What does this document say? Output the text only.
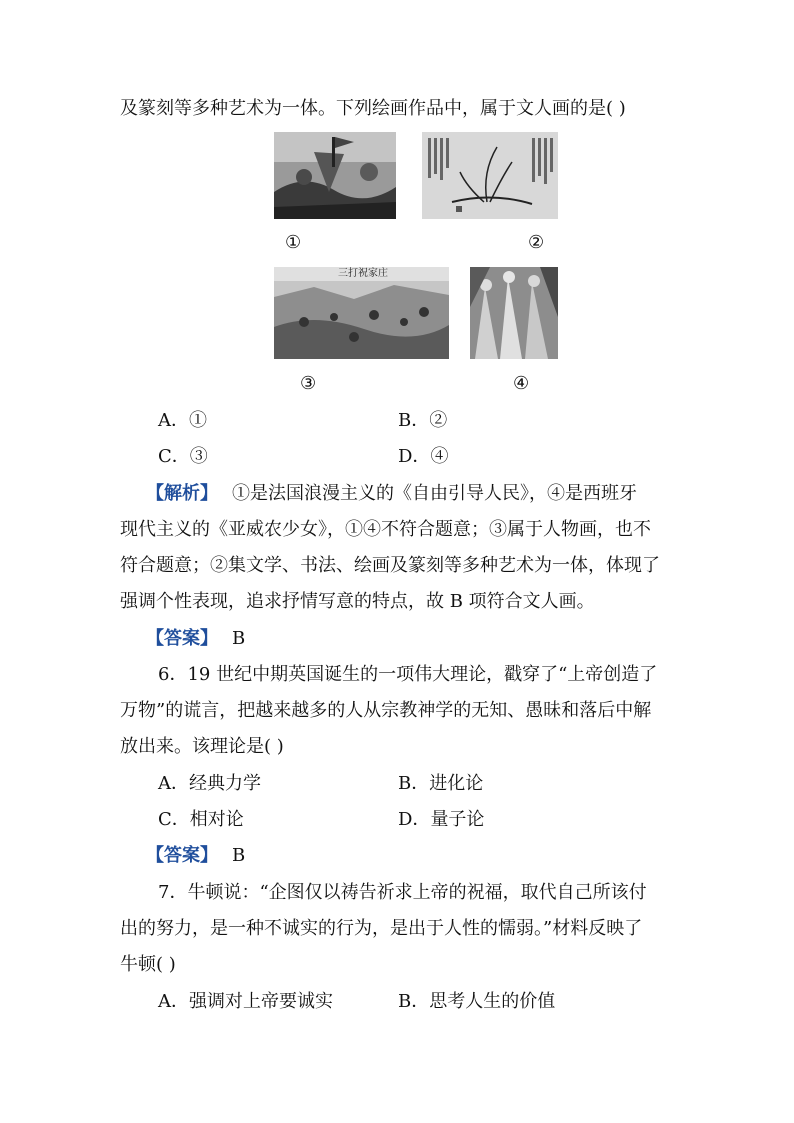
及篆刻等多种艺术为一体。下列绘画作品中，属于文人画的是( )
①	②
三打祝家庄
③	④
A．①	B．②
C．③	D．④
【解析】 ①是法国浪漫主义的《自由引导人民》，④是西班牙
现代主义的《亚威农少女》，①④不符合题意；③属于人物画，也不
符合题意；②集文学、书法、绘画及篆刻等多种艺术为一体，体现了
强调个性表现，追求抒情写意的特点，故 B 项符合文人画。
【答案】 B
6．19 世纪中期英国诞生的一项伟大理论，戳穿了“上帝创造了
万物”的谎言，把越来越多的人从宗教神学的无知、愚昧和落后中解
放出来。该理论是( )
A．经典力学	B．进化论
C．相对论	D．量子论
【答案】 B
7．牛顿说：“企图仅以祷告祈求上帝的祝福，取代自己所该付
出的努力，是一种不诚实的行为，是出于人性的懦弱。”材料反映了
牛顿( )
A．强调对上帝要诚实	B．思考人生的价值
